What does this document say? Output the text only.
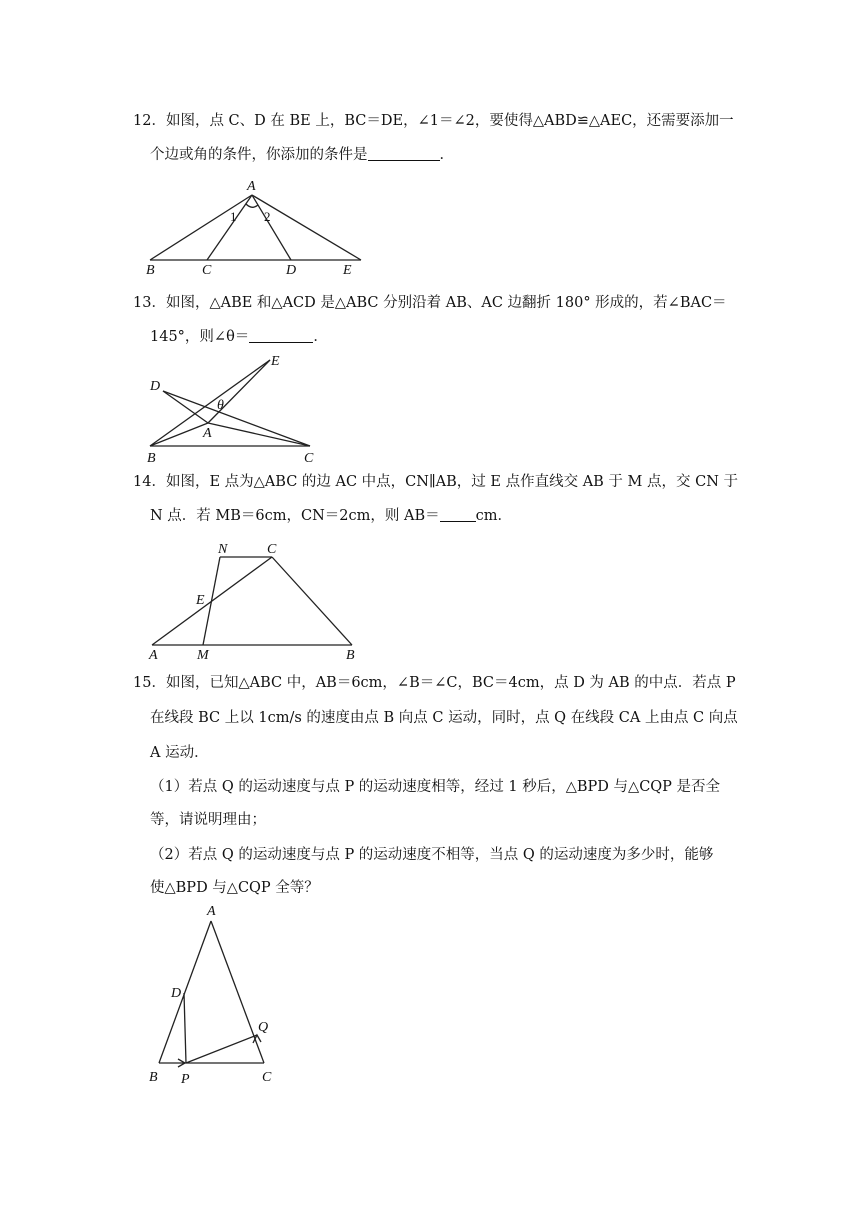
12．如图，点 C、D 在 BE 上，BC＝DE，∠1＝∠2，要使得△ABD≌△AEC，还需要添加一
个边或角的条件，你添加的条件是	．
A
B	C	D	E
1 2
D
E
A
B	C
θ
N	C
E
A	M	B
A
D
Q
B P	C
13．如图，△ABE 和△ACD 是△ABC 分别沿着 AB、AC 边翻折 180° 形成的，若∠BAC＝
145°，则∠θ＝	．
14．如图，E 点为△ABC 的边 AC 中点，CN∥AB，过 E 点作直线交 AB 于 M 点，交 CN 于
N 点．若 MB＝6cm，CN＝2cm，则 AB＝ cm．
15．如图，已知△ABC 中，AB＝6cm，∠B＝∠C，BC＝4cm，点 D 为 AB 的中点．若点 P
在线段 BC 上以 1cm/s 的速度由点 B 向点 C 运动，同时，点 Q 在线段 CA 上由点 C 向点
A 运动．
（1）若点 Q 的运动速度与点 P 的运动速度相等，经过 1 秒后，△BPD 与△CQP 是否全
等，请说明理由；
（2）若点 Q 的运动速度与点 P 的运动速度不相等，当点 Q 的运动速度为多少时，能够
使△BPD 与△CQP 全等？
